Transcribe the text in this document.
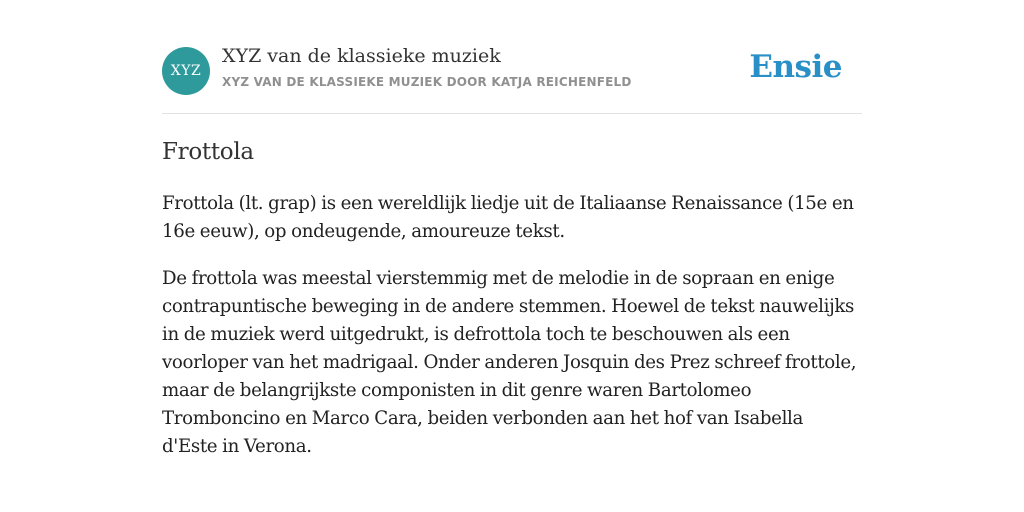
XYZ
XYZ van de klassieke muziek
XYZ VAN DE KLASSIEKE MUZIEK DOOR KATJA REICHENFELD	Ensie
Frottola

Frottola (lt. grap) is een wereldlijk liedje uit de Italiaanse Renaissance (15e en 16e eeuw), op ondeugende, amoureuze tekst.

De frottola was meestal vierstemmig met de melodie in de sopraan en enige contrapuntische beweging in de andere stemmen. Hoewel de tekst nauwelijks in de muziek werd uitgedrukt, is defrottola toch te beschouwen als een voorloper van het madrigaal. Onder anderen Josquin des Prez schreef frottole, maar de belangrijkste componisten in dit genre waren Bartolomeo Tromboncino en Marco Cara, beiden verbonden aan het hof van Isabella d'Este in Verona.
